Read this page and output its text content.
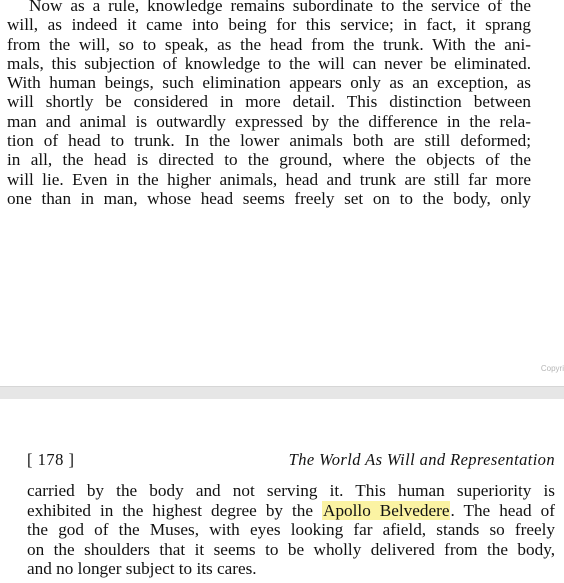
Now as a rule, knowledge remains subordinate to the service of the
will, as indeed it came into being for this service; in fact, it sprang
from the will, so to speak, as the head from the trunk. With the ani-
mals, this subjection of knowledge to the will can never be eliminated.
With human beings, such elimination appears only as an exception, as
will shortly be considered in more detail. This distinction between
man and animal is outwardly expressed by the difference in the rela-
tion of head to trunk. In the lower animals both are still deformed;
in all, the head is directed to the ground, where the objects of the
will lie. Even in the higher animals, head and trunk are still far more
one than in man, whose head seems freely set on to the body, only

Copyri
[ 178 ]	The World As Will and Representation

carried by the body and not serving it. This human superiority is
exhibited in the highest degree by the Apollo Belvedere. The head of
the god of the Muses, with eyes looking far afield, stands so freely
on the shoulders that it seems to be wholly delivered from the body,
and no longer subject to its cares.
